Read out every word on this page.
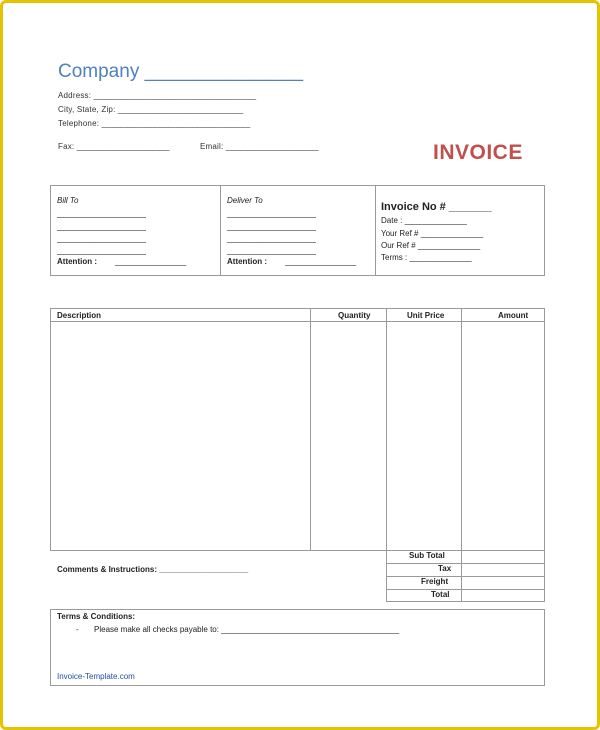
Company _______________
Address: ___________________________________
City, State, Zip: ___________________________
Telephone: ________________________________
Fax: ____________________	Email: ____________________	INVOICE
Bill To
____________________
____________________
____________________
____________________
Attention : ________________
Deliver To
____________________
____________________
____________________
____________________
Attention : ________________
Invoice No # _______
Date : ______________
Your Ref # ______________
Our Ref # ______________
Terms : ______________
Description	Quantity	Unit Price	Amount
Sub Total
Tax
Freight
Total
Comments & Instructions: ____________________
Terms & Conditions:
- Please make all checks payable to: ________________________________________
Invoice-Template.com
